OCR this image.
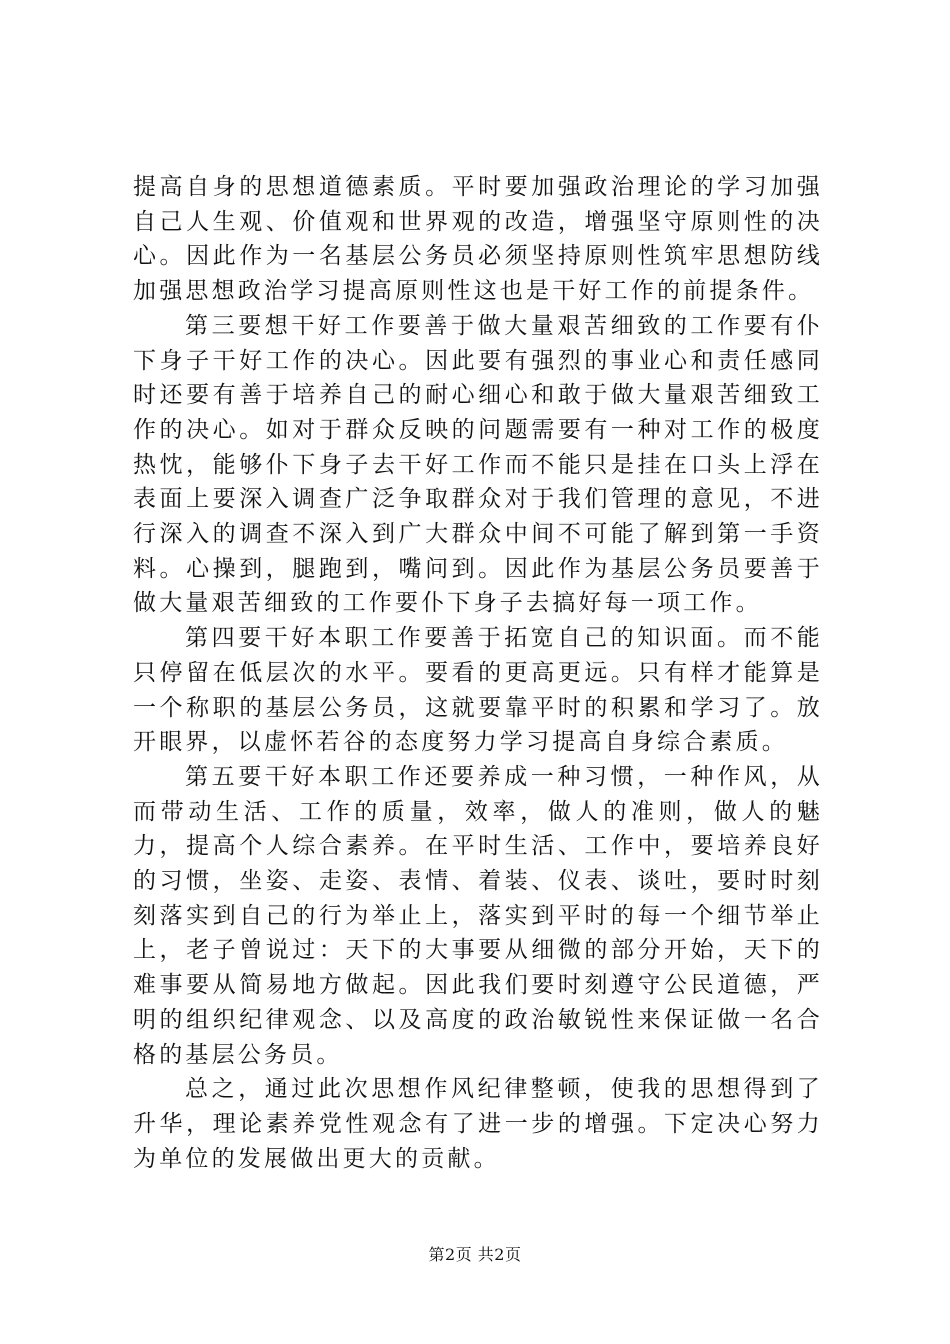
提高自身的思想道德素质。平时要加强政治理论的学习加强自己人生观、价值观和世界观的改造，增强坚守原则性的决心。因此作为一名基层公务员必须坚持原则性筑牢思想防线加强思想政治学习提高原则性这也是干好工作的前提条件。

第三要想干好工作要善于做大量艰苦细致的工作要有仆下身子干好工作的决心。因此要有强烈的事业心和责任感同时还要有善于培养自己的耐心细心和敢于做大量艰苦细致工作的决心。如对于群众反映的问题需要有一种对工作的极度热忱，能够仆下身子去干好工作而不能只是挂在口头上浮在表面上要深入调查广泛争取群众对于我们管理的意见，不进行深入的调查不深入到广大群众中间不可能了解到第一手资料。心操到，腿跑到，嘴问到。因此作为基层公务员要善于做大量艰苦细致的工作要仆下身子去搞好每一项工作。

第四要干好本职工作要善于拓宽自己的知识面。而不能只停留在低层次的水平。要看的更高更远。只有样才能算是一个称职的基层公务员，这就要靠平时的积累和学习了。放开眼界，以虚怀若谷的态度努力学习提高自身综合素质。

第五要干好本职工作还要养成一种习惯，一种作风，从而带动生活、工作的质量，效率，做人的准则，做人的魅力，提高个人综合素养。在平时生活、工作中，要培养良好的习惯，坐姿、走姿、表情、着装、仪表、谈吐，要时时刻刻落实到自己的行为举止上，落实到平时的每一个细节举止上，老子曾说过：天下的大事要从细微的部分开始，天下的难事要从简易地方做起。因此我们要时刻遵守公民道德，严明的组织纪律观念、以及高度的政治敏锐性来保证做一名合格的基层公务员。

总之，通过此次思想作风纪律整顿，使我的思想得到了升华，理论素养党性观念有了进一步的增强。下定决心努力为单位的发展做出更大的贡献。

第2页 共2页
